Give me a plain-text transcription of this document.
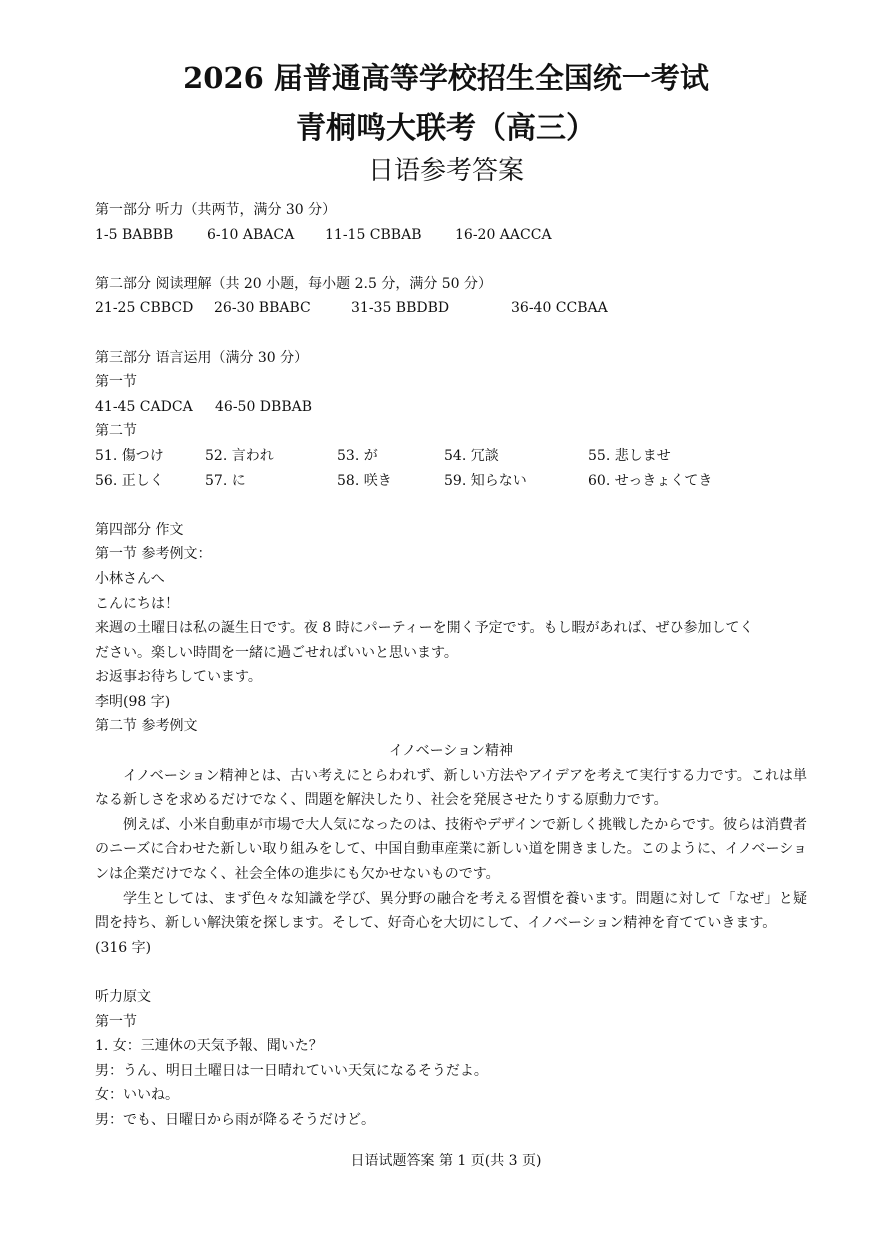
2026 届普通高等学校招生全国统一考试
青桐鸣大联考（高三）
日语参考答案
第一部分 听力（共两节，满分 30 分）
1-5 BABBB	6-10 ABACA	11-15 CBBAB	16-20 AACCA
第二部分 阅读理解（共 20 小题，每小题 2.5 分，满分 50 分）
21-25 CBBCD	26-30 BBABC	31-35 BBDBD	36-40 CCBAA
第三部分 语言运用（满分 30 分）
第一节
41-45 CADCA	46-50 DBBAB
第二节
51. 傷つけ	52. 言われ	53. が	54. 冗談	55. 悲しませ
56. 正しく	57. に	58. 咲き	59. 知らない	60. せっきょくてき
第四部分 作文
第一节 参考例文：
小林さんへ
こんにちは！
来週の土曜日は私の誕生日です。夜 8 時にパーティーを開く予定です。もし暇があれば、ぜひ参加してく
ださい。楽しい時間を一緒に過ごせればいいと思います。
お返事お待ちしています。
李明(98 字)
第二节 参考例文
イノベーション精神
イノベーション精神とは、古い考えにとらわれず、新しい方法やアイデアを考えて実行する力です。これは単なる新しさを求めるだけでなく、問題を解決したり、社会を発展させたりする原動力です。
例えば、小米自動車が市場で大人気になったのは、技術やデザインで新しく挑戦したからです。彼らは消費者のニーズに合わせた新しい取り組みをして、中国自動車産業に新しい道を開きました。このように、イノベーションは企業だけでなく、社会全体の進歩にも欠かせないものです。
学生としては、まず色々な知識を学び、異分野の融合を考える習慣を養います。問題に対して「なぜ」と疑問を持ち、新しい解決策を探します。そして、好奇心を大切にして、イノベーション精神を育てていきます。
(316 字)
听力原文
第一节
1. 女：三連休の天気予報、聞いた？
男：うん、明日土曜日は一日晴れていい天気になるそうだよ。
女：いいね。
男：でも、日曜日から雨が降るそうだけど。
日语试题答案 第 1 页(共 3 页)
